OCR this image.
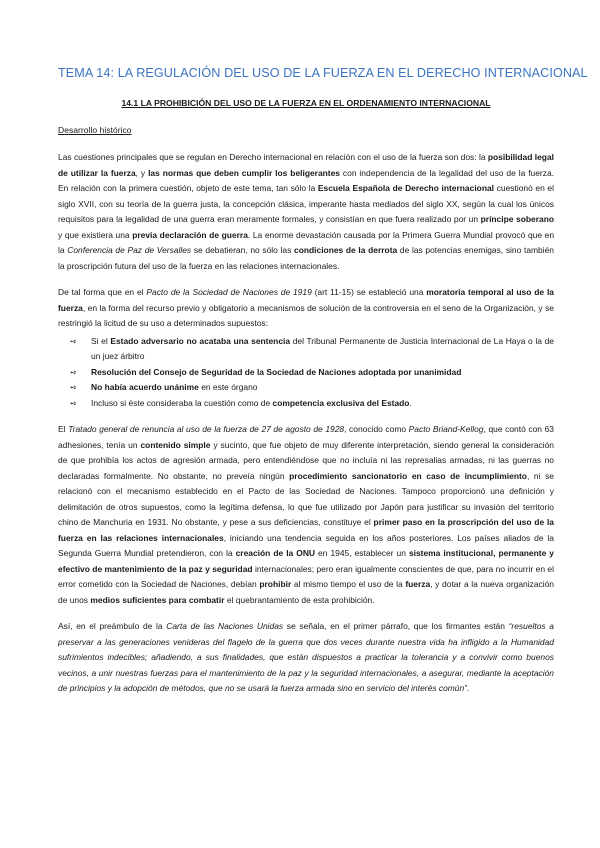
TEMA 14: LA REGULACIÓN DEL USO DE LA FUERZA EN EL DERECHO INTERNACIONAL
14.1 LA PROHIBICIÓN DEL USO DE LA FUERZA EN EL ORDENAMIENTO INTERNACIONAL
Desarrollo histórico

Las cuestiones principales que se regulan en Derecho internacional en relación con el uso de la fuerza son dos: la posibilidad legal de utilizar la fuerza, y las normas que deben cumplir los beligerantes con independencia de la legalidad del uso de la fuerza. En relación con la primera cuestión, objeto de este tema, tan sólo la Escuela Española de Derecho internacional cuestionó en el siglo XVII, con su teoría de la guerra justa, la concepción clásica, imperante hasta mediados del siglo XX, según la cual los únicos requisitos para la legalidad de una guerra eran meramente formales, y consistían en que fuera realizado por un príncipe soberano y que existiera una previa declaración de guerra. La enorme devastación causada por la Primera Guerra Mundial provocó que en la Conferencia de Paz de Versalles se debatieran, no sólo las condiciones de la derrota de las potencias enemigas, sino también la proscripción futura del uso de la fuerza en las relaciones internacionales.

De tal forma que en el Pacto de la Sociedad de Naciones de 1919 (art 11-15) se estableció una moratoria temporal al uso de la fuerza, en la forma del recurso previo y obligatorio a mecanismos de solución de la controversia en el seno de la Organización, y se restringió la licitud de su uso a determinados supuestos:

➺ Si el Estado adversario no acataba una sentencia del Tribunal Permanente de Justicia Internacional de La Haya o la de un juez árbitro
➺ Resolución del Consejo de Seguridad de la Sociedad de Naciones adoptada por unanimidad
➺ No había acuerdo unánime en este órgano
➺ Incluso si éste consideraba la cuestión como de competencia exclusiva del Estado.

El Tratado general de renuncia al uso de la fuerza de 27 de agosto de 1928, conocido como Pacto Briand-Kellog, que contó con 63 adhesiones, tenía un contenido simple y sucinto, que fue objeto de muy diferente interpretación, siendo general la consideración de que prohibía los actos de agresión armada, pero entendiéndose que no incluía ni las represalias armadas, ni las guerras no declaradas formalmente. No obstante, no preveía ningún procedimiento sancionatorio en caso de incumplimiento, ni se relacionó con el mecanismo establecido en el Pacto de las Sociedad de Naciones. Tampoco proporcionó una definición y delimitación de otros supuestos, como la legítima defensa, lo que fue utilizado por Japón para justificar su invasión del territorio chino de Manchuria en 1931. No obstante, y pese a sus deficiencias, constituye el primer paso en la proscripción del uso de la fuerza en las relaciones internacionales, iniciando una tendencia seguida en los años posteriores. Los países aliados de la Segunda Guerra Mundial pretendieron, con la creación de la ONU en 1945, establecer un sistema institucional, permanente y efectivo de mantenimiento de la paz y seguridad internacionales; pero eran igualmente conscientes de que, para no incurrir en el error cometido con la Sociedad de Naciones, debían prohibir al mismo tiempo el uso de la fuerza, y dotar a la nueva organización de unos medios suficientes para combatir el quebrantamiento de esta prohibición.

Así, en el preámbulo de la Carta de las Naciones Unidas se señala, en el primer párrafo, que los firmantes están “resueltos a preservar a las generaciones venideras del flagelo de la guerra que dos veces durante nuestra vida ha infligido a la Humanidad sufrimientos indecibles; añadiendo, a sus finalidades, que están dispuestos a practicar la tolerancia y a convivir como buenos vecinos, a unir nuestras fuerzas para el mantenimiento de la paz y la seguridad internacionales, a asegurar, mediante la aceptación de principios y la adopción de métodos, que no se usará la fuerza armada sino en servicio del interés común”.
